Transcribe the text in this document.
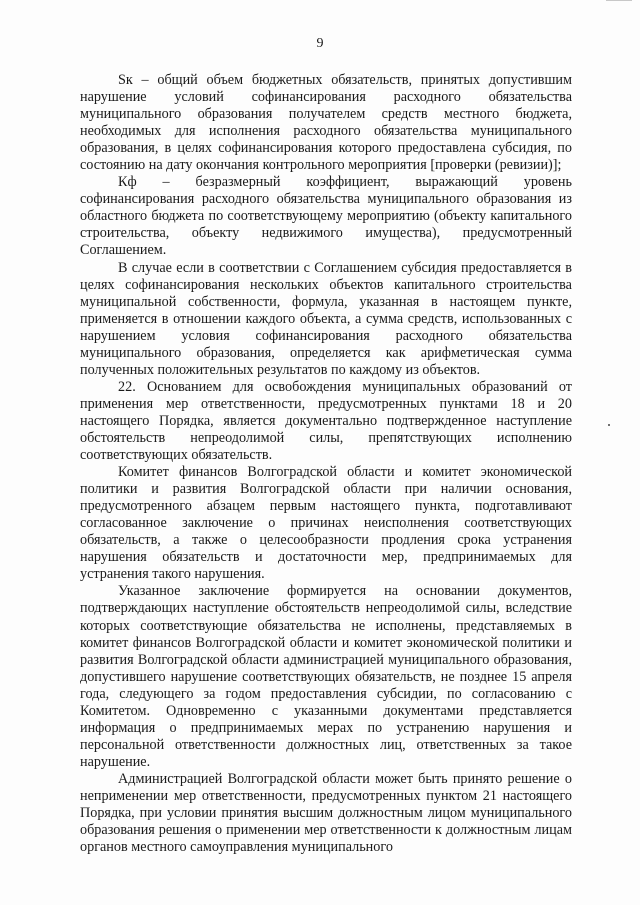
9

Sк – общий объем бюджетных обязательств, принятых допустившим нарушение условий софинансирования расходного обязательства муниципального образования получателем средств местного бюджета, необходимых для исполнения расходного обязательства муниципального образования, в целях софинансирования которого предоставлена субсидия, по состоянию на дату окончания контрольного мероприятия [проверки (ревизии)];

Кф – безразмерный коэффициент, выражающий уровень софинансирования расходного обязательства муниципального образования из областного бюджета по соответствующему мероприятию (объекту капитального строительства, объекту недвижимого имущества), предусмотренный Соглашением.

В случае если в соответствии с Соглашением субсидия предоставляется в целях софинансирования нескольких объектов капитального строительства муниципальной собственности, формула, указанная в настоящем пункте, применяется в отношении каждого объекта, а сумма средств, использованных с нарушением условия софинансирования расходного обязательства муниципального образования, определяется как арифметическая сумма полученных положительных результатов по каждому из объектов.

22. Основанием для освобождения муниципальных образований от применения мер ответственности, предусмотренных пунктами 18 и 20 настоящего Порядка, является документально подтвержденное наступление обстоятельств непреодолимой силы, препятствующих исполнению соответствующих обязательств.

Комитет финансов Волгоградской области и комитет экономической политики и развития Волгоградской области при наличии основания, предусмотренного абзацем первым настоящего пункта, подготавливают согласованное заключение о причинах неисполнения соответствующих обязательств, а также о целесообразности продления срока устранения нарушения обязательств и достаточности мер, предпринимаемых для устранения такого нарушения.

Указанное заключение формируется на основании документов, подтверждающих наступление обстоятельств непреодолимой силы, вследствие которых соответствующие обязательства не исполнены, представляемых в комитет финансов Волгоградской области и комитет экономической политики и развития Волгоградской области администрацией муниципального образования, допустившего нарушение соответствующих обязательств, не позднее 15 апреля года, следующего за годом предоставления субсидии, по согласованию с Комитетом. Одновременно с указанными документами представляется информация о предпринимаемых мерах по устранению нарушения и персональной ответственности должностных лиц, ответственных за такое нарушение.

Администрацией Волгоградской области может быть принято решение о неприменении мер ответственности, предусмотренных пунктом 21 настоящего Порядка, при условии принятия высшим должностным лицом муниципального образования решения о применении мер ответственности к должностным лицам органов местного самоуправления муниципального
